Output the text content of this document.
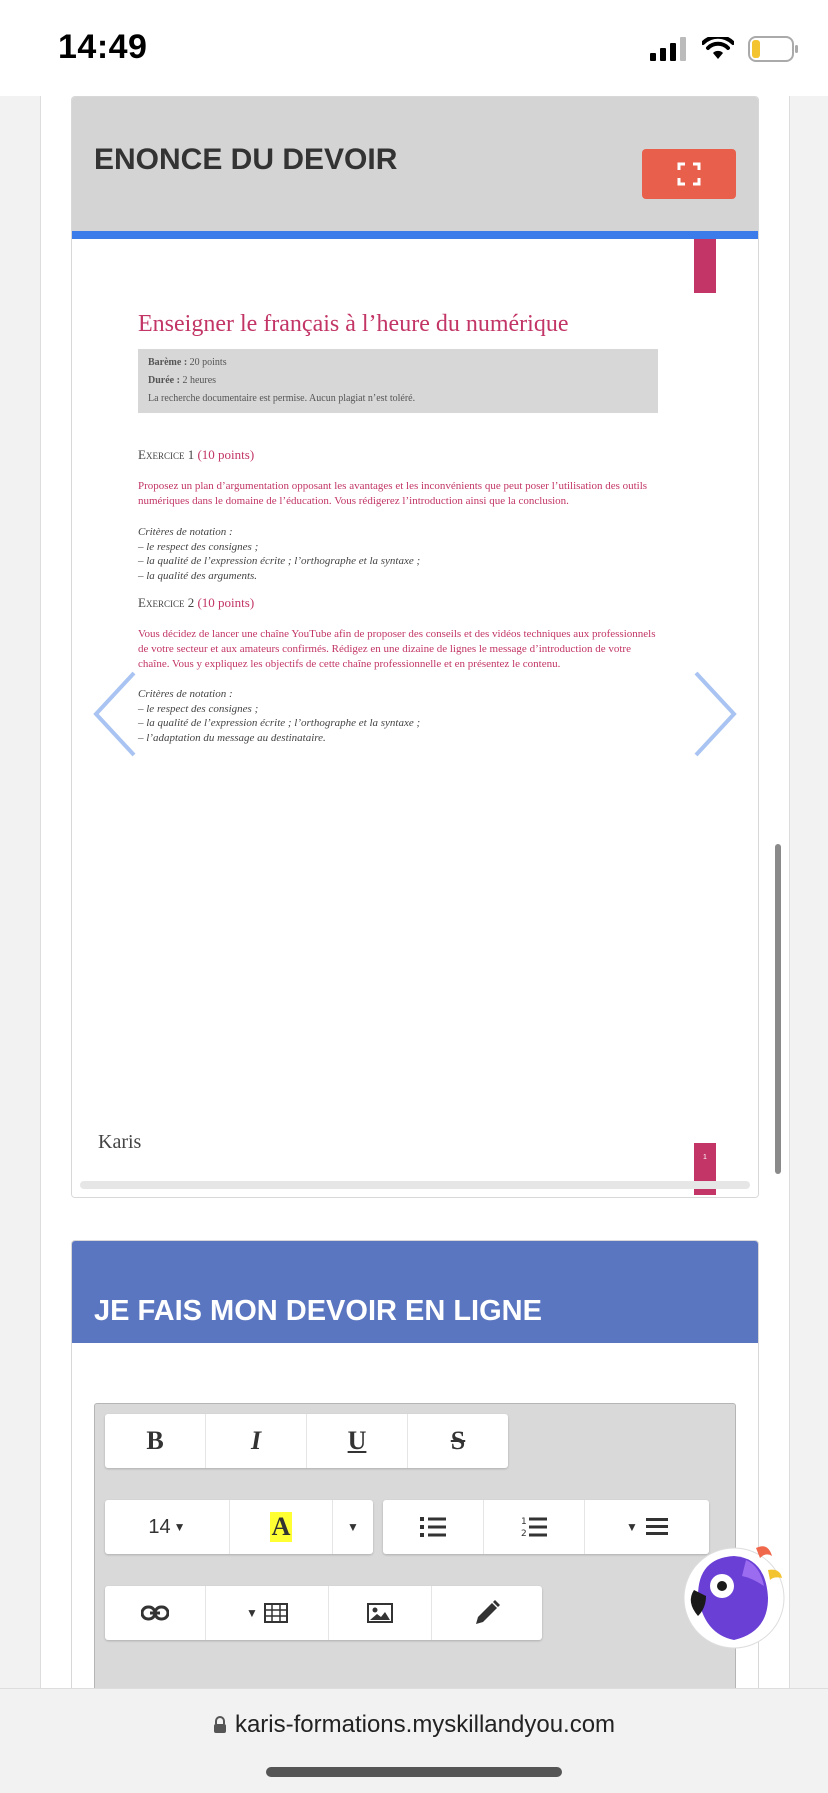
14:49
ENONCE DU DEVOIR
Enseigner le français à l’heure du numérique
Barème : 20 points
Durée : 2 heures
La recherche documentaire est permise. Aucun plagiat n’est toléré.
Exercice 1 (10 points)
Proposez un plan d’argumentation opposant les avantages et les inconvénients que peut poser l’utilisation des outils numériques dans le domaine de l’éducation. Vous rédigerez l’introduction ainsi que la conclusion.
Critères de notation :
– le respect des consignes ;
– la qualité de l’expression écrite ; l’orthographe et la syntaxe ;
– la qualité des arguments.
Exercice 2 (10 points)
Vous décidez de lancer une chaîne YouTube afin de proposer des conseils et des vidéos techniques aux professionnels de votre secteur et aux amateurs confirmés. Rédigez en une dizaine de lignes le message d’introduction de votre chaîne. Vous y expliquez les objectifs de cette chaîne professionnelle et en présentez le contenu.
Critères de notation :
– le respect des consignes ;
– la qualité de l’expression écrite ; l’orthographe et la syntaxe ;
– l’adaptation du message au destinataire.
Karis
1
JE FAIS MON DEVOIR EN LIGNE
B	I	U	S
14 ▼	A	▼	1
2
▼
▼
karis-formations.myskillandyou.com
